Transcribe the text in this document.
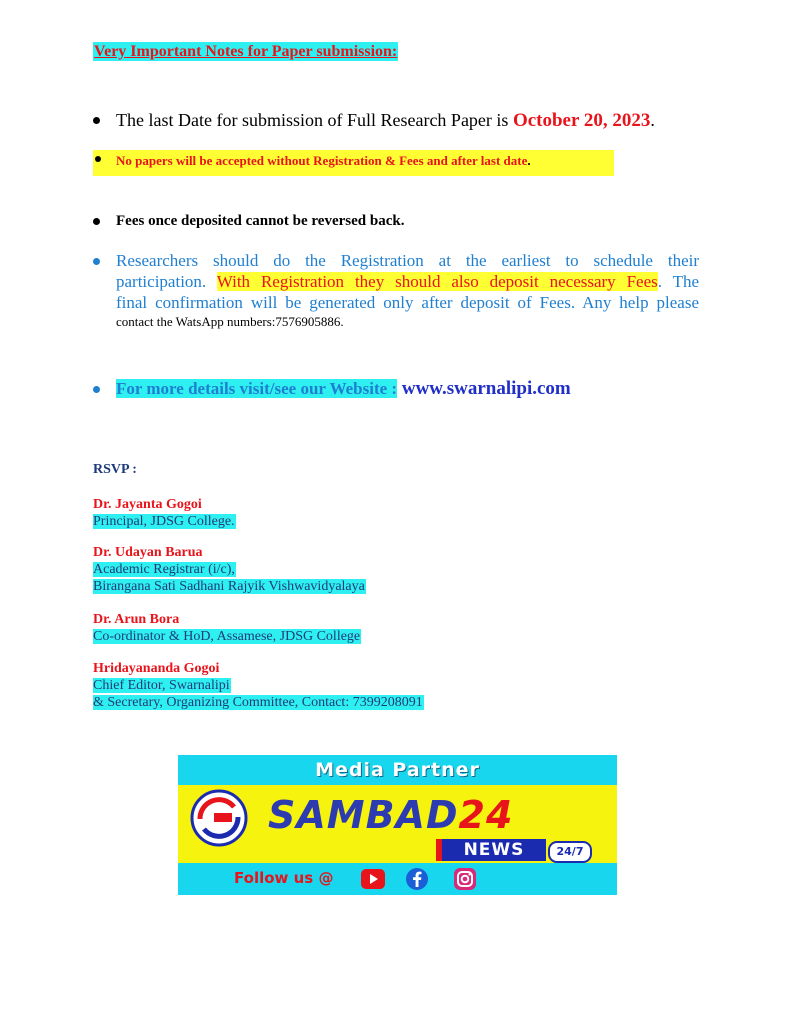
Very Important Notes for Paper submission:
The last Date for submission of Full Research Paper is October 20, 2023.
No papers will be accepted without Registration & Fees and after last date.
Fees once deposited cannot be reversed back.
Researchers should do the Registration at the earliest to schedule their
participation. With Registration they should also deposit necessary Fees. The
final confirmation will be generated only after deposit of Fees. Any help please
contact the WatsApp numbers:7576905886.
For more details visit/see our Website : www.swarnalipi.com
RSVP :
Dr. Jayanta Gogoi
Principal, JDSG College.
Dr. Udayan Barua
Academic Registrar (i/c),
Birangana Sati Sadhani Rajyik Vishwavidyalaya
Dr. Arun Bora
Co-ordinator & HoD, Assamese, JDSG College
Hridayananda Gogoi
Chief Editor, Swarnalipi
& Secretary, Organizing Committee, Contact: 7399208091
Media Partner
SAMBAD24
NEWS	24/7
Follow us @
